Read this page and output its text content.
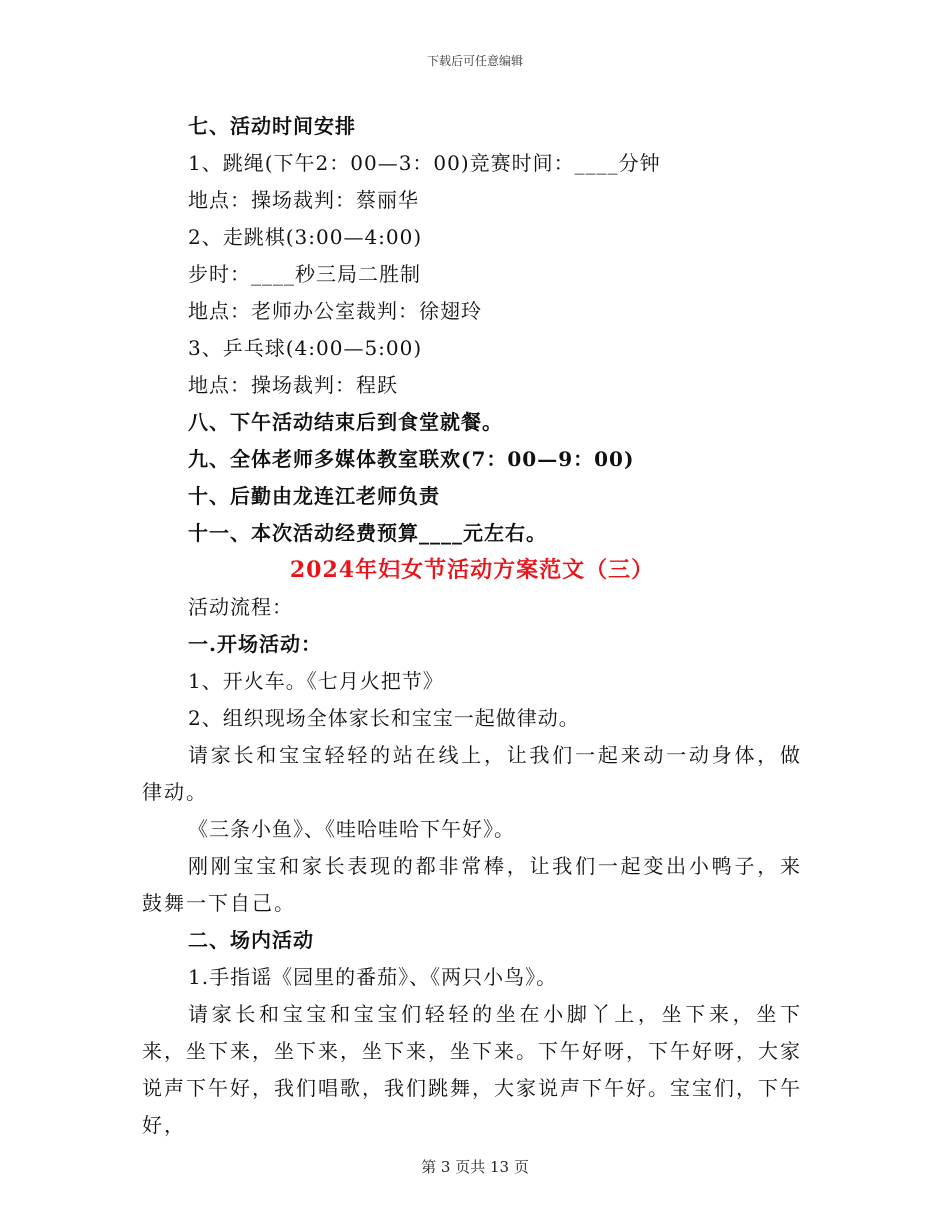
下载后可任意编辑
七、活动时间安排
1、跳绳(下午2：00—3：00)竞赛时间：____分钟
地点：操场裁判：蔡丽华
2、走跳棋(3:00—4:00)
步时：____秒三局二胜制
地点：老师办公室裁判：徐翅玲
3、乒乓球(4:00—5:00)
地点：操场裁判：程跃
八、下午活动结束后到食堂就餐。
九、全体老师多媒体教室联欢(7：00—9：00)
十、后勤由龙连江老师负责
十一、本次活动经费预算____元左右。
2024年妇女节活动方案范文（三）
活动流程：
一.开场活动：
1、开火车。《七月火把节》
2、组织现场全体家长和宝宝一起做律动。
请家长和宝宝轻轻的站在线上，让我们一起来动一动身体，做律动。
《三条小鱼》、《哇哈哇哈下午好》。
刚刚宝宝和家长表现的都非常棒，让我们一起变出小鸭子，来鼓舞一下自己。
二、场内活动
1.手指谣《园里的番茄》、《两只小鸟》。
请家长和宝宝和宝宝们轻轻的坐在小脚丫上，坐下来，坐下来，坐下来，坐下来，坐下来，坐下来。下午好呀，下午好呀，大家说声下午好，我们唱歌，我们跳舞，大家说声下午好。宝宝们，下午好，
第 3 页共 13 页
